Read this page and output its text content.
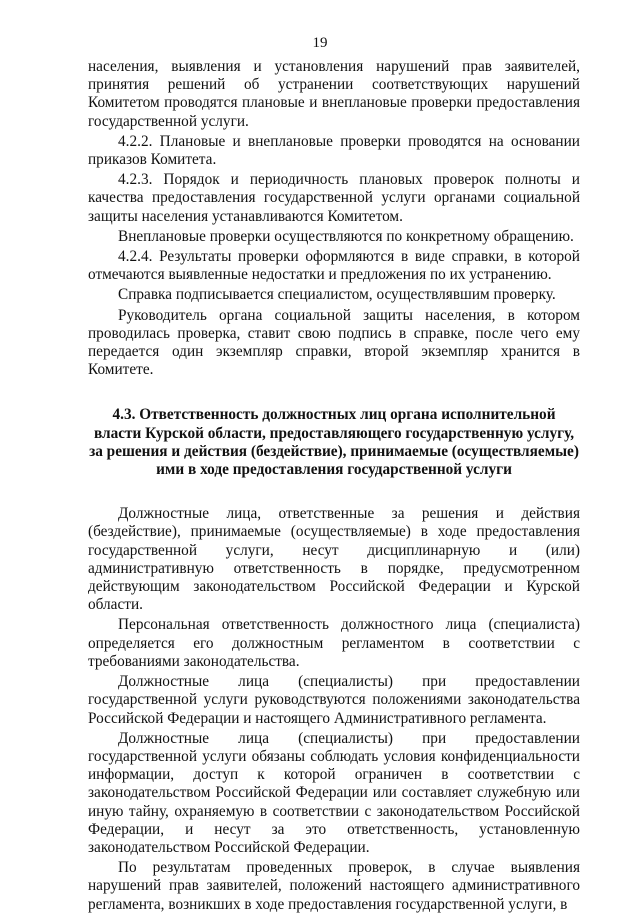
19

населения, выявления и установления нарушений прав заявителей, принятия решений об устранении соответствующих нарушений Комитетом проводятся плановые и внеплановые проверки предоставления государственной услуги.

4.2.2. Плановые и внеплановые проверки проводятся на основании приказов Комитета.

4.2.3. Порядок и периодичность плановых проверок полноты и качества предоставления государственной услуги органами социальной защиты населения устанавливаются Комитетом.

Внеплановые проверки осуществляются по конкретному обращению.

4.2.4. Результаты проверки оформляются в виде справки, в которой отмечаются выявленные недостатки и предложения по их устранению.

Справка подписывается специалистом, осуществлявшим проверку.

Руководитель органа социальной защиты населения, в котором проводилась проверка, ставит свою подпись в справке, после чего ему передается один экземпляр справки, второй экземпляр хранится в Комитете.

4.3. Ответственность должностных лиц органа исполнительной власти Курской области, предоставляющего государственную услугу, за решения и действия (бездействие), принимаемые (осуществляемые) ими в ходе предоставления государственной услуги

Должностные лица, ответственные за решения и действия (бездействие), принимаемые (осуществляемые) в ходе предоставления государственной услуги, несут дисциплинарную и (или) административную ответственность в порядке, предусмотренном действующим законодательством Российской Федерации и Курской области.

Персональная ответственность должностного лица (специалиста) определяется его должностным регламентом в соответствии с требованиями законодательства.

Должностные лица (специалисты) при предоставлении государственной услуги руководствуются положениями законодательства Российской Федерации и настоящего Административного регламента.

Должностные лица (специалисты) при предоставлении государственной услуги обязаны соблюдать условия конфиденциальности информации, доступ к которой ограничен в соответствии с законодательством Российской Федерации или составляет служебную или иную тайну, охраняемую в соответствии с законодательством Российской Федерации, и несут за это ответственность, установленную законодательством Российской Федерации.

По результатам проведенных проверок, в случае выявления нарушений прав заявителей, положений настоящего административного регламента, возникших в ходе предоставления государственной услуги, в
